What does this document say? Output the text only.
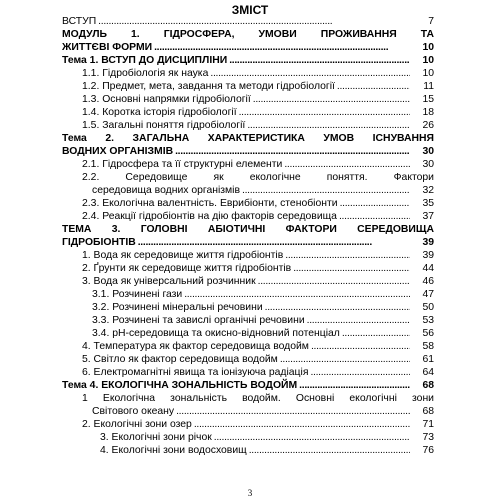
ЗМІСТ
ВСТУП . . .	7
МОДУЛЬ 1. ГІДРОСФЕРА, УМОВИ ПРОЖИВАННЯ ТА
ЖИТТЄВІ ФОРМИ . . .	10
Тема 1. ВСТУП ДО ДИСЦИПЛІНИ . . .	10
1.1. Гідробіологія як наука . . .	10
1.2. Предмет, мета, завдання та методи гідробіології . . .	11
1.3. Основні напрямки гідробіології . . .	15
1.4. Коротка історія гідробіології . . .	18
1.5. Загальні поняття гідробіології . . .	26
Тема 2. ЗАГАЛЬНА ХАРАКТЕРИСТИКА УМОВ ІСНУВАННЯ
ВОДНИХ ОРГАНІЗМІВ . . .	30
2.1. Гідросфера та її структурні елементи . . .	30
2.2. Середовище як екологічне поняття. Фактори
середовища водних організмів . . .	32
2.3. Екологічна валентність. Еврибіонти, стенобіонти . . .	35
2.4. Реакції гідробіонтів на дію факторів середовища . . .	37
ТЕМА 3. ГОЛОВНІ АБІОТИЧНІ ФАКТОРИ СЕРЕДОВИЩА
ГІДРОБІОНТІВ . . .	39
1. Вода як середовище життя гідробіонтів . . .	39
2. Ґрунти як середовище життя гідробіонтів . . .	44
3. Вода як універсальний розчинник . . .	46
3.1. Розчинені гази . . .	47
3.2. Розчинені мінеральні речовини . . .	50
3.3. Розчинені та завислі органічні речовини . . .	53
3.4. рН-середовища та окисно-відновний потенціал . . .	56
4. Температура як фактор середовища водойм . . .	58
5. Світло як фактор середовища водойм . . .	61
6. Електромагнітні явища та іонізуюча радіація . . .	64
Тема 4. ЕКОЛОГІЧНА ЗОНАЛЬНІСТЬ ВОДОЙМ . . .	68
1 Екологічна зональність водойм. Основні екологічні зони
Світового океану . . .	68
2. Екологічні зони озер . . .	71
3. Екологічні зони річок . . .	73
4. Екологічні зони водосховищ . . .	76
3
